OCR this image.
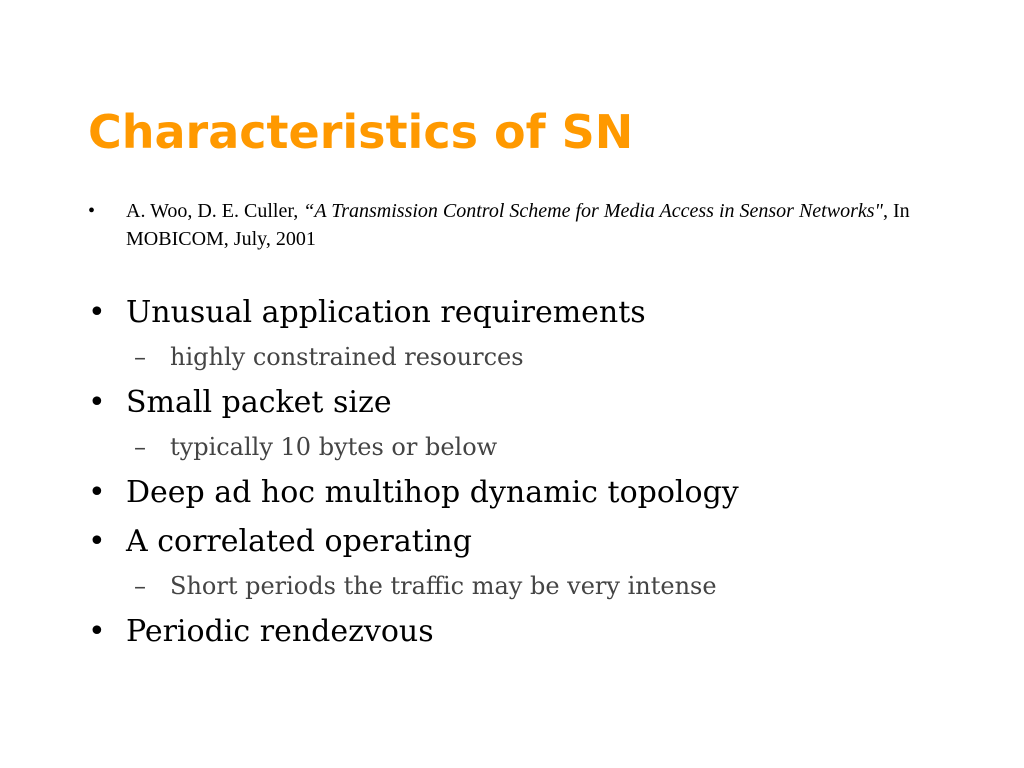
Characteristics of SN
• A. Woo, D. E. Culler, “A Transmission Control Scheme for Media Access in Sensor Networks", In MOBICOM, July, 2001
• Unusual application requirements
– highly constrained resources
• Small packet size
– typically 10 bytes or below
• Deep ad hoc multihop dynamic topology
• A correlated operating
– Short periods the traffic may be very intense
• Periodic rendezvous
